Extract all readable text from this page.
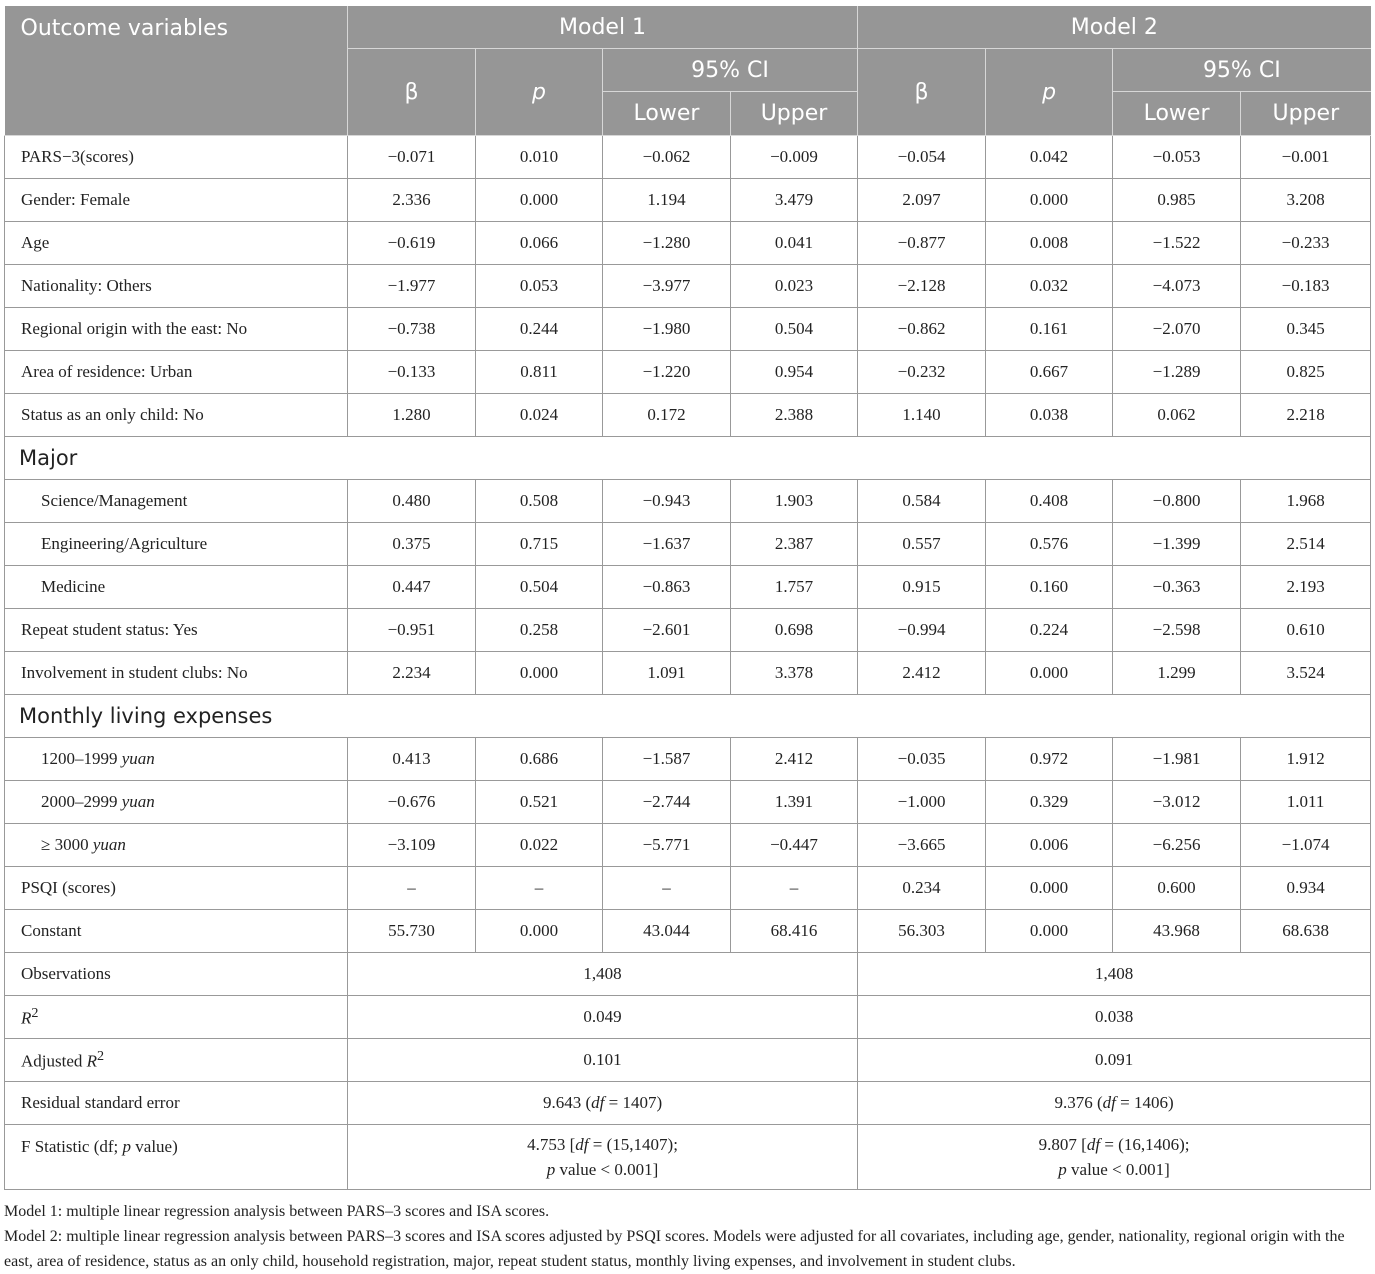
Outcome variables	Model 1				Model 2			
	β	p	95% CI		β	p	95% CI	
			Lower	Upper			Lower	Upper
PARS−3(scores)	−0.071	0.010	−0.062	−0.009	−0.054	0.042	−0.053	−0.001
Gender: Female	2.336	0.000	1.194	3.479	2.097	0.000	0.985	3.208
Age	−0.619	0.066	−1.280	0.041	−0.877	0.008	−1.522	−0.233
Nationality: Others	−1.977	0.053	−3.977	0.023	−2.128	0.032	−4.073	−0.183
Regional origin with the east: No	−0.738	0.244	−1.980	0.504	−0.862	0.161	−2.070	0.345
Area of residence: Urban	−0.133	0.811	−1.220	0.954	−0.232	0.667	−1.289	0.825
Status as an only child: No	1.280	0.024	0.172	2.388	1.140	0.038	0.062	2.218
Major								
Science/Management	0.480	0.508	−0.943	1.903	0.584	0.408	−0.800	1.968
Engineering/Agriculture	0.375	0.715	−1.637	2.387	0.557	0.576	−1.399	2.514
Medicine	0.447	0.504	−0.863	1.757	0.915	0.160	−0.363	2.193
Repeat student status: Yes	−0.951	0.258	−2.601	0.698	−0.994	0.224	−2.598	0.610
Involvement in student clubs: No	2.234	0.000	1.091	3.378	2.412	0.000	1.299	3.524
Monthly living expenses								
1200–1999 yuan	0.413	0.686	−1.587	2.412	−0.035	0.972	−1.981	1.912
2000–2999 yuan	−0.676	0.521	−2.744	1.391	−1.000	0.329	−3.012	1.011
≥ 3000 yuan	−3.109	0.022	−5.771	−0.447	−3.665	0.006	−6.256	−1.074
PSQI (scores)	–	–	–	–	0.234	0.000	0.600	0.934
Constant	55.730	0.000	43.044	68.416	56.303	0.000	43.968	68.638
Observations	1,408				1,408			
$R^2$	0.049				0.038			
Adjusted $R^2$	0.101				0.091			
Residual standard error	9.643 (df = 1407)				9.376 (df = 1406)			
F Statistic (df; p value)	4.753 [df = (15,1407);
p value < 0.001]				9.807 [df = (16,1406);
p value < 0.001]			

Model 1: multiple linear regression analysis between PARS–3 scores and ISA scores.

Model 2: multiple linear regression analysis between PARS–3 scores and ISA scores adjusted by PSQI scores. Models were adjusted for all covariates, including age, gender, nationality, regional origin with the east, area of residence, status as an only child, household registration, major, repeat student status, monthly living expenses, and involvement in student clubs.
